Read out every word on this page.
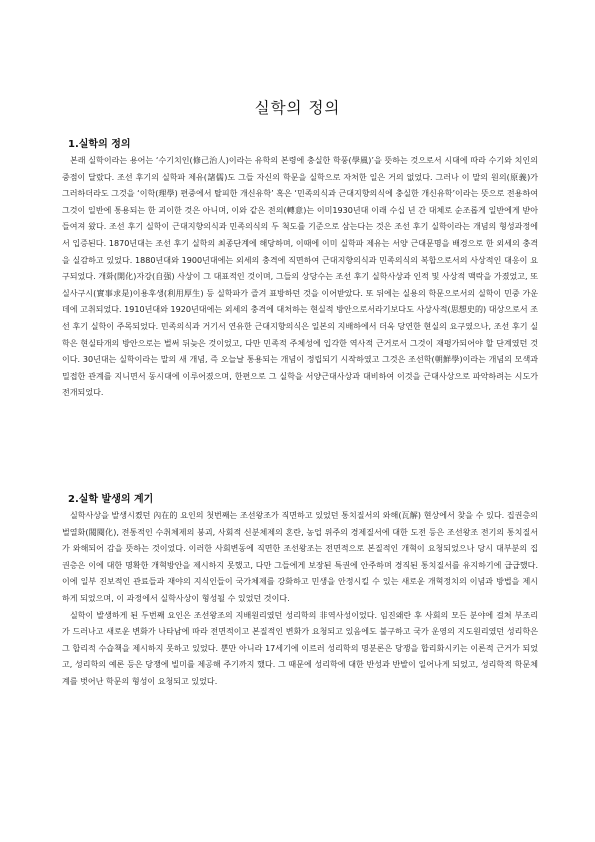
실학의 정의
1.실학의 정의

본래 실학이라는 용어는 ‘수기치인(修己治人)이라는 유학의 본령에 충실한 학풍(學風)’을 뜻하는 것으로서 시대에 따라 수기와 치인의 중점이 달랐다. 조선 후기의 실학파 제유(諸儒)도 그들 자신의 학문을 실학으로 자처한 일은 거의 없었다. 그러나 이 말의 원의(原義)가 그러하더라도 그것을 ‘이학(理學) 편중에서 탈피한 개신유학’ 혹은 ‘민족의식과 근대지향의식에 충실한 개신유학’이라는 뜻으로 전용하여 그것이 일반에 통용되는 한 괴이한 것은 아니며, 이와 같은 전의(轉意)는 이미1930년대 이래 수십 년 간 대체로 순조롭게 일반에게 받아들여져 왔다. 조선 후기 실학이 근대지향의식과 민족의식의 두 척도를 기준으로 삼는다는 것은 조선 후기 실학이라는 개념의 형성과정에서 입증된다. 1870년대는 조선 후기 실학의 최종단계에 해당하며, 이때에 이미 실학파 제유는 서양 근대문명을 배경으로 한 외세의 충격을 실감하고 있었다. 1880년대와 1900년대에는 외세의 충격에 직면하여 근대지향의식과 민족의식의 복합으로서의 사상적인 대응이 요구되었다. 개화(開化)자강(自强) 사상이 그 대표적인 것이며, 그들의 상당수는 조선 후기 실학사상과 인적 및 사상적 맥락을 가졌었고, 또 실사구시(實事求是)이용후생(利用厚生) 등 실학파가 즐겨 표방하던 것을 이어받았다. 또 뒤에는 실용의 학문으로서의 실학이 민중 가운데에 고취되었다. 1910년대와 1920년대에는 외세의 충격에 대처하는 현실적 방안으로서라기보다도 사상사적(思想史的) 대상으로서 조선 후기 실학이 주목되었다. 민족의식과 거기서 연유한 근대지향의식은 일본의 지배하에서 더욱 당연한 현실의 요구였으나, 조선 후기 실학은 현실타개의 방안으로는 벌써 뒤늦은 것이었고, 다만 민족적 주체성에 입각한 역사적 근거로서 그것이 재평가되어야 할 단계였던 것이다. 30년대는 실학이라는 말의 새 개념, 즉 오늘날 통용되는 개념이 정립되기 시작하였고 그것은 조선학(朝鮮學)이라는 개념의 모색과 밀접한 관계를 지니면서 동시대에 이루어졌으며, 한편으로 그 실학을 서양근대사상과 대비하여 이것을 근대사상으로 파악하려는 시도가 전개되었다.

2.실학 발생의 계기

실학사상을 발생시켰던 內在的 요인의 첫번째는 조선왕조가 직면하고 있었던 통치질서의 와해(瓦解) 현상에서 찾을 수 있다. 집권층의 벌열화(閥閱化), 전통적인 수취체제의 붕괴, 사회적 신분체제의 혼란, 농업 위주의 경제질서에 대한 도전 등은 조선왕조 전기의 통치질서가 와해되어 감을 뜻하는 것이었다. 이러한 사회변동에 직면한 조선왕조는 전면적으로 본질적인 개혁이 요청되었으나 당시 대부분의 집권층은 이에 대한 명확한 개혁방안을 제시하지 못했고, 다만 그들에게 보장된 특권에 안주하며 경직된 통치질서를 유지하기에 급급했다. 이에 일부 진보적인 관료들과 재야의 지식인들이 국가체제를 강화하고 민생을 안정시킬 수 있는 새로운 개혁정치의 이념과 방법을 제시하게 되었으며, 이 과정에서 실학사상이 형성될 수 있었던 것이다.

실학이 발생하게 된 두번째 요인은 조선왕조의 지배원리였던 성리학의 非역사성이었다. 임진왜란 후 사회의 모든 분야에 걸쳐 부조리가 드러나고 새로운 변화가 나타남에 따라 전면적이고 본질적인 변화가 요청되고 있음에도 불구하고 국가 운영의 지도원리였던 성리학은 그 합리적 수습책을 제시하지 못하고 있었다. 뿐만 아니라 17세기에 이르러 성리학의 명분론은 당쟁을 합리화시키는 이론적 근거가 되었고, 성리학의 예론 등은 당쟁에 빌미를 제공해 주기까지 했다. 그 때문에 성리학에 대한 반성과 반발이 일어나게 되었고, 성리학적 학문체계를 벗어난 학문의 형성이 요청되고 있었다.
